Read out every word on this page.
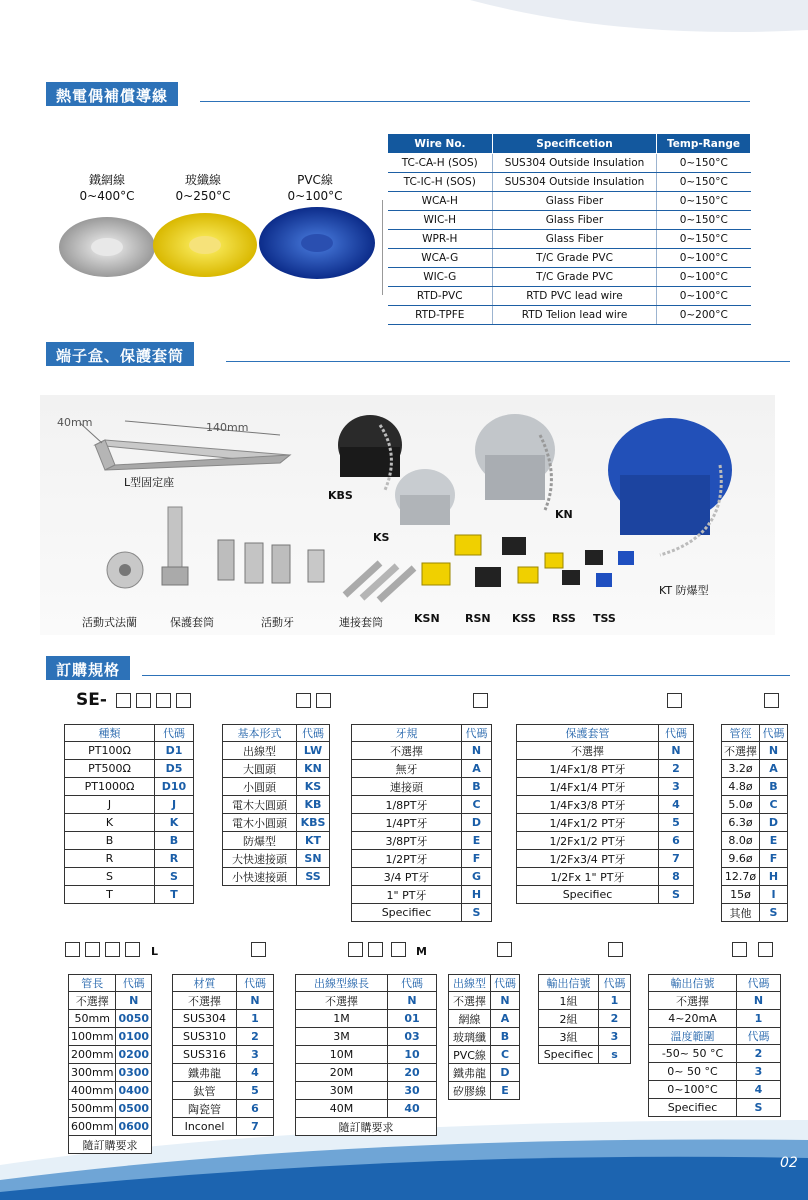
熱電偶補償導線
鐵網線
0~400°C
玻纖線
0~250°C
PVC線
0~100°C
Wire No.	Specificetion	Temp-Range
TC-CA-H (SOS)	SUS304 Outside Insulation	0~150°C
TC-IC-H (SOS)	SUS304 Outside Insulation	0~150°C
WCA-H	Glass Fiber	0~150°C
WIC-H	Glass Fiber	0~150°C
WPR-H	Glass Fiber	0~150°C
WCA-G	T/C Grade PVC	0~100°C
WIC-G	T/C Grade PVC	0~100°C
RTD-PVC	RTD PVC lead wire	0~100°C
RTD-TPFE	RTD Telion lead wire	0~200°C
端子盒、保護套筒
40mm	140mm
L型固定座
KBS
KS
KN
KT 防爆型
活動式法蘭	保護套筒	活動牙	連接套筒	KSN RSN KSS RSS TSS
訂購規格
SE-
種類	代碼
PT100Ω	D1
PT500Ω	D5
PT1000Ω	D10
J	J
K	K
B	B
R	R
S	S
T	T
基本形式	代碼
出線型	LW
大圓頭	KN
小圓頭	KS
電木大圓頭	KB
電木小圓頭	KBS
防爆型	KT
大快速接頭	SN
小快速接頭	SS
牙規	代碼
不選擇	N
無牙	A
連接頭	B
1/8PT牙	C
1/4PT牙	D
3/8PT牙	E
1/2PT牙	F
3/4 PT牙	G
1" PT牙	H
Specifiec	S
保護套管	代碼
不選擇	N
1/4Fx1/8 PT牙	2
1/4Fx1/4 PT牙	3
1/4Fx3/8 PT牙	4
1/4Fx1/2 PT牙	5
1/2Fx1/2 PT牙	6
1/2Fx3/4 PT牙	7
1/2Fx 1" PT牙	8
Specifiec	S
管徑	代碼
不選擇	N
3.2ø	A
4.8ø	B
5.0ø	C
6.3ø	D
8.0ø	E
9.6ø	F
12.7ø	H
15ø	I
其他	S
L	M
管長	代碼
不選擇	N
50mm	0050
100mm	0100
200mm	0200
300mm	0300
400mm	0400
500mm	0500
600mm	0600
隨訂購要求	
材質	代碼
不選擇	N
SUS304	1
SUS310	2
SUS316	3
鐵弗龍	4
鈦管	5
陶瓷管	6
Inconel	7
出線型線長	代碼
不選擇	N
1M	01
3M	03
10M	10
20M	20
30M	30
40M	40
隨訂購要求	
出線型	代碼
不選擇	N
網線	A
玻璃纖	B
PVC線	C
鐵弗龍	D
矽膠線	E
輸出信號	代碼
1組	1
2組	2
3組	3
Specifiec	s
輸出信號	代碼
不選擇	N
4~20mA	1
溫度範圍	代碼
-50~ 50 °C	2
0~ 50 °C	3
0~100°C	4
Specifiec	S
02
